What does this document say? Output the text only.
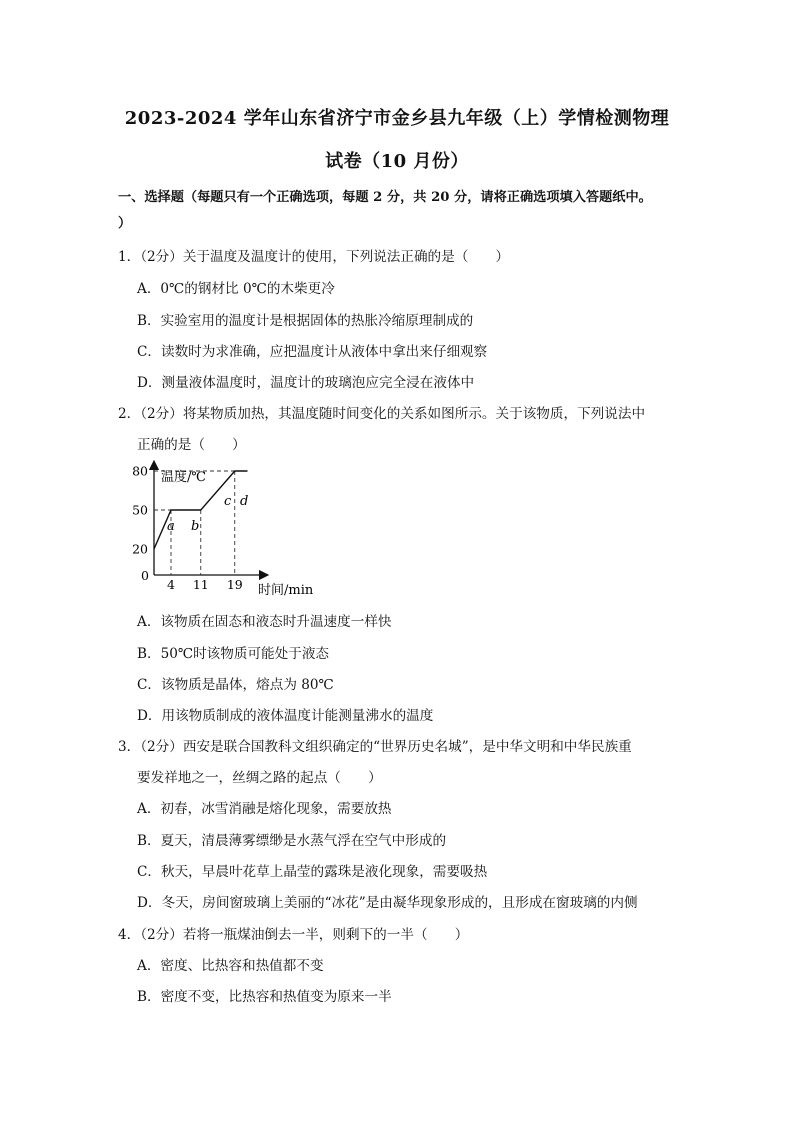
2023-2024 学年山东省济宁市金乡县九年级（上）学情检测物理
试卷（10 月份）
一、选择题（每题只有一个正确选项，每题 2 分，共 20 分，请将正确选项填入答题纸中。
）
1．（2分）关于温度及温度计的使用，下列说法正确的是（　　）
A．0℃的钢材比 0℃的木柴更冷
B．实验室用的温度计是根据固体的热胀冷缩原理制成的
C．读数时为求准确，应把温度计从液体中拿出来仔细观察
D．测量液体温度时，温度计的玻璃泡应完全浸在液体中
2．（2分）将某物质加热，其温度随时间变化的关系如图所示。关于该物质，下列说法中
正确的是（　　）
温度/℃
时间/min
0
20
50
80
4 11 19
a b
c d
A．该物质在固态和液态时升温速度一样快
B．50℃时该物质可能处于液态
C．该物质是晶体，熔点为 80℃
D．用该物质制成的液体温度计能测量沸水的温度
3．（2分）西安是联合国教科文组织确定的“世界历史名城”，是中华文明和中华民族重
要发祥地之一，丝绸之路的起点（　　）
A．初春，冰雪消融是熔化现象，需要放热
B．夏天，清晨薄雾缥缈是水蒸气浮在空气中形成的
C．秋天，早晨叶花草上晶莹的露珠是液化现象，需要吸热
D．冬天，房间窗玻璃上美丽的“冰花”是由凝华现象形成的，且形成在窗玻璃的内侧
4．（2分）若将一瓶煤油倒去一半，则剩下的一半（　　）
A．密度、比热容和热值都不变
B．密度不变，比热容和热值变为原来一半
